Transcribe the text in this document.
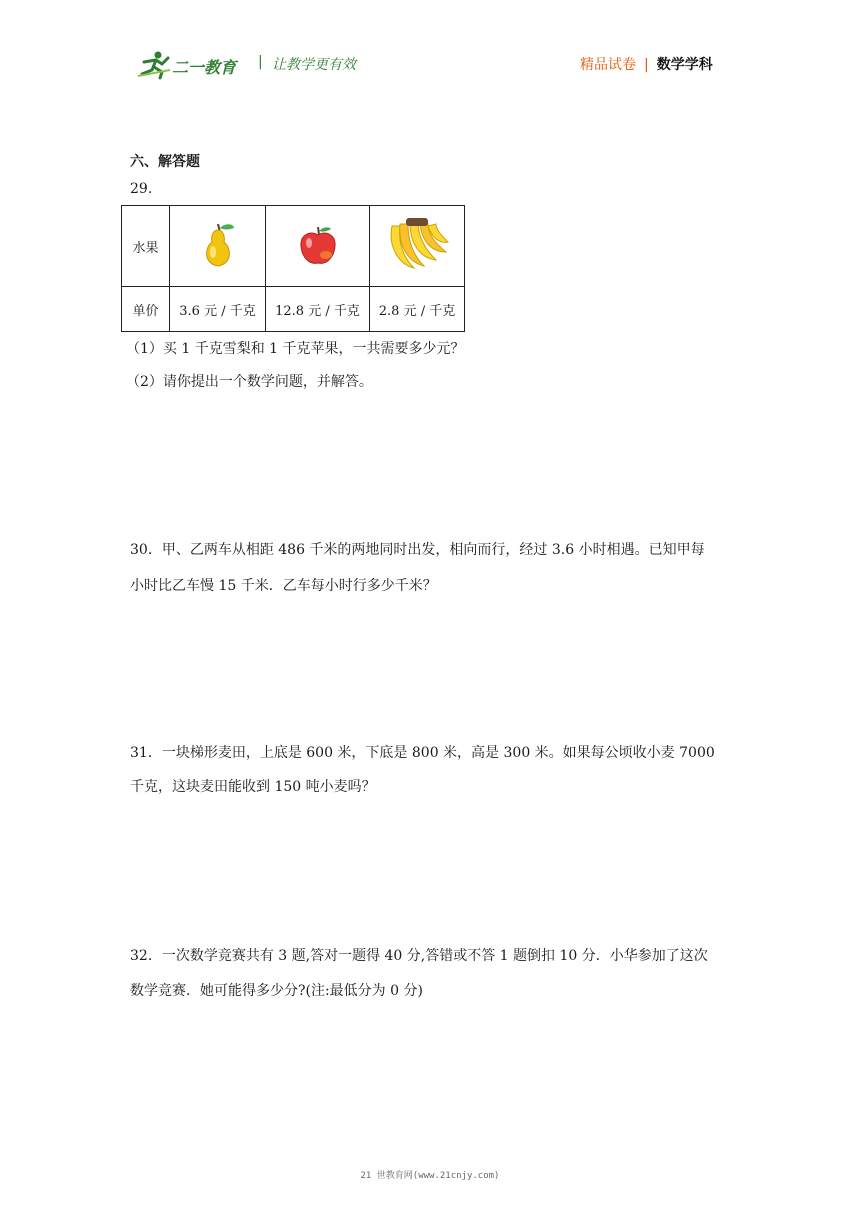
二一教育 | 让教学更有效	精品试卷 | 数学学科
六、解答题
29.
水果			
单价	3.6 元 / 千克	12.8 元 / 千克	2.8 元 / 千克
（1）买 1 千克雪梨和 1 千克苹果，一共需要多少元？
（2）请你提出一个数学问题，并解答。
30．甲、乙两车从相距 486 千米的两地同时出发，相向而行，经过 3.6 小时相遇。已知甲每
小时比乙车慢 15 千米．乙车每小时行多少千米？
31．一块梯形麦田，上底是 600 米，下底是 800 米，高是 300 米。如果每公顷收小麦 7000
千克，这块麦田能收到 150 吨小麦吗？
32．一次数学竞赛共有 3 题,答对一题得 40 分,答错或不答 1 题倒扣 10 分．小华参加了这次
数学竞赛．她可能得多少分?(注:最低分为 0 分)
21 世教育网(www.21cnjy.com)
